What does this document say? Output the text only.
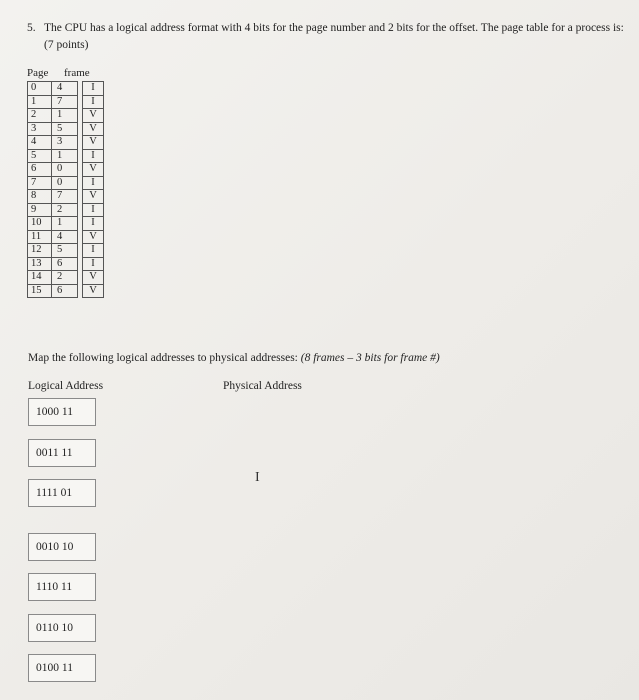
5. The CPU has a logical address format with 4 bits for the page number and 2 bits for the offset. The page table for a process is: (7 points)
Page frame
0	4		I
1	7		I
2	1		V
3	5		V
4	3		V
5	1		I
6	0		V
7	0		I
8	7		V
9	2		I
10	1		I
11	4		V
12	5		I
13	6		I
14	2		V
15	6		V
Map the following logical addresses to physical addresses: (8 frames – 3 bits for frame #)
Logical Address	Physical Address
1000 11
0011 11
1111 01
0010 10
1110 11
0110 10
0100 11
I
